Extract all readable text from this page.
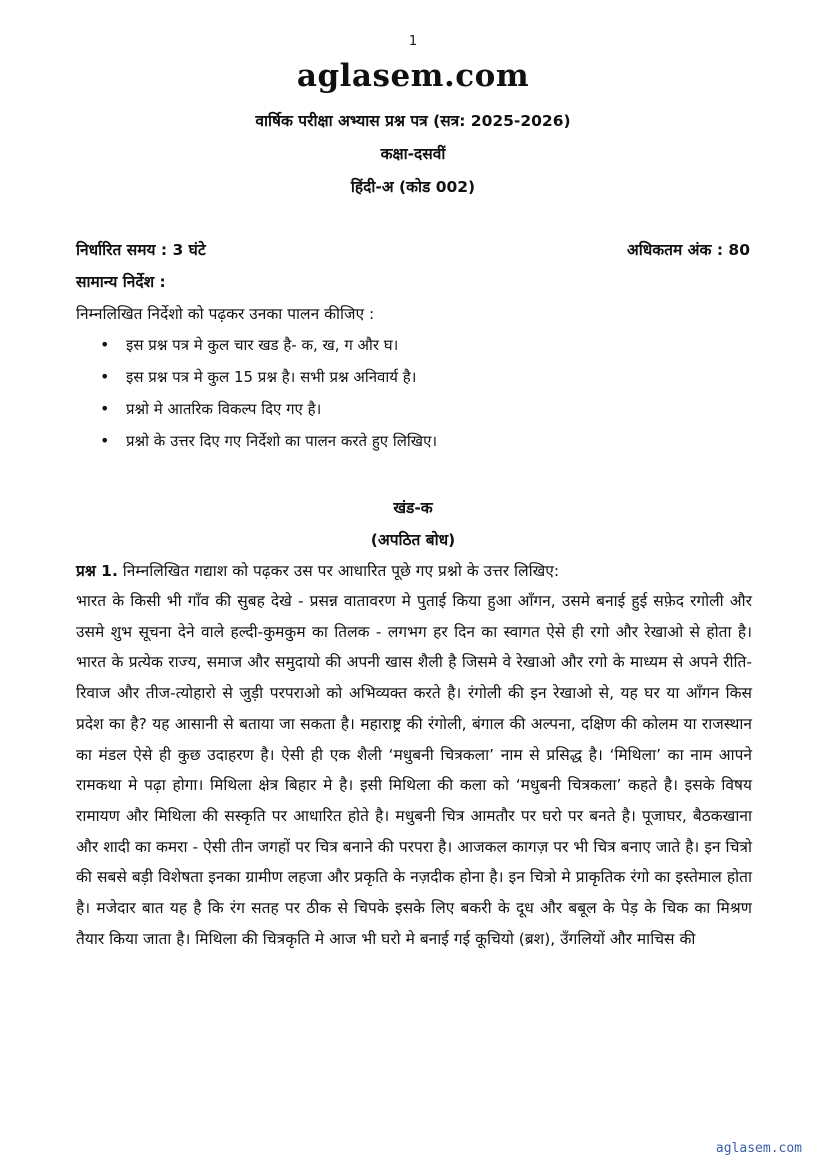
1
aglasem.com
वार्षिक परीक्षा अभ्यास प्रश्न पत्र (सत्र: 2025-2026)
कक्षा-दसवीं
हिंदी-अ (कोड 002)
निर्धारित समय : 3 घंटे	अधिकतम अंक : 80
सामान्य निर्देश :
निम्नलिखित निर्देशो को पढ़कर उनका पालन कीजिए :
• इस प्रश्न पत्र मे कुल चार खड है- क, ख, ग और घ।
• इस प्रश्न पत्र मे कुल 15 प्रश्न है। सभी प्रश्न अनिवार्य है।
• प्रश्नो मे आतरिक विकल्प दिए गए है।
• प्रश्नो के उत्तर दिए गए निर्देशो का पालन करते हुए लिखिए।
खंड-क
(अपठित बोध)

प्रश्न 1. निम्नलिखित गद्याश को पढ़कर उस पर आधारित पूछे गए प्रश्नो के उत्तर लिखिए:

भारत के किसी भी गाँव की सुबह देखे - प्रसन्न वातावरण मे पुताई किया हुआ आँगन, उसमे बनाई हुई सफ़ेद रगोली और उसमे शुभ सूचना देने वाले हल्दी-कुमकुम का तिलक - लगभग हर दिन का स्वागत ऐसे ही रगो और रेखाओ से होता है। भारत के प्रत्येक राज्य, समाज और समुदायो की अपनी खास शैली है जिसमे वे रेखाओ और रगो के माध्यम से अपने रीति-रिवाज और तीज-त्योहारो से जुड़ी परपराओ को अभिव्यक्त करते है। रंगोली की इन रेखाओ से, यह घर या आँगन किस प्रदेश का है? यह आसानी से बताया जा सकता है। महाराष्ट्र की रंगोली, बंगाल की अल्पना, दक्षिण की कोलम या राजस्थान का मंडल ऐसे ही कुछ उदाहरण है। ऐसी ही एक शैली ‘मधुबनी चित्रकला’ नाम से प्रसिद्ध है। ‘मिथिला’ का नाम आपने रामकथा मे पढ़ा होगा। मिथिला क्षेत्र बिहार मे है। इसी मिथिला की कला को ‘मधुबनी चित्रकला’ कहते है। इसके विषय रामायण और मिथिला की सस्कृति पर आधारित होते है। मधुबनी चित्र आमतौर पर घरो पर बनते है। पूजाघर, बैठकखाना और शादी का कमरा - ऐसी तीन जगहों पर चित्र बनाने की परपरा है। आजकल कागज़ पर भी चित्र बनाए जाते है। इन चित्रो की सबसे बड़ी विशेषता इनका ग्रामीण लहजा और प्रकृति के नज़दीक होना है। इन चित्रो मे प्राकृतिक रंगो का इस्तेमाल होता है। मजेदार बात यह है कि रंग सतह पर ठीक से चिपके इसके लिए बकरी के दूध और बबूल के पेड़ के चिक का मिश्रण तैयार किया जाता है। मिथिला की चित्रकृति मे आज भी घरो मे बनाई गई कूचियो (ब्रश), उँगलियों और माचिस की

aglasem.com
